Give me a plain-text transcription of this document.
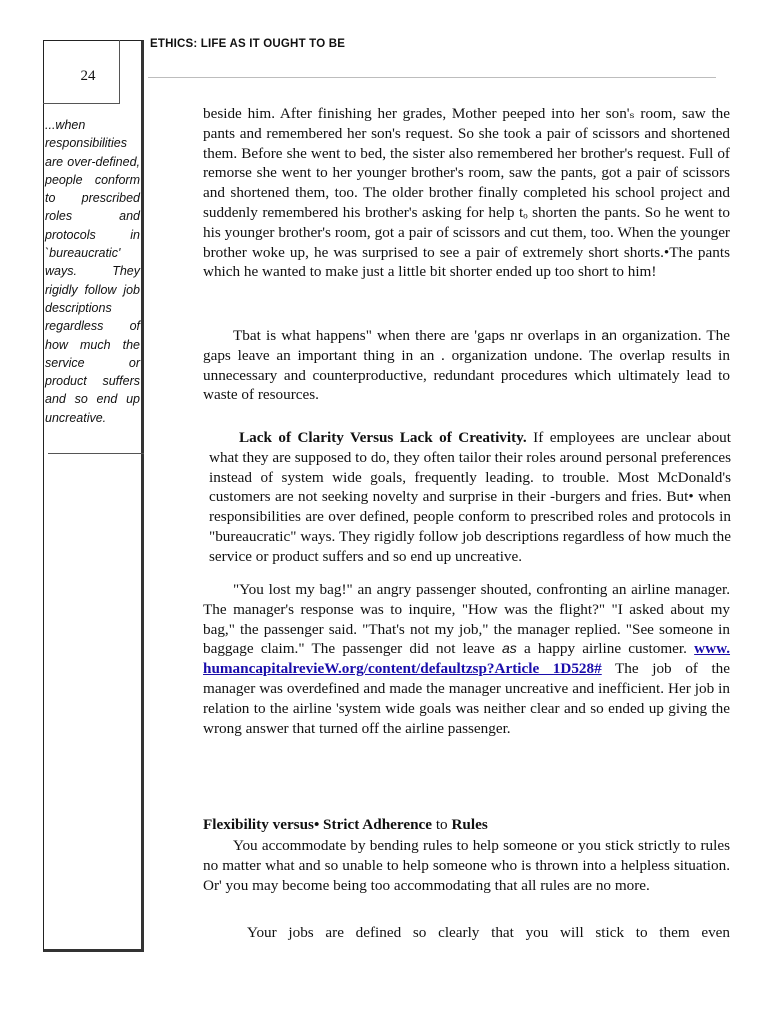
24
...when responsibilities are over-defined, people conform to prescribed roles and protocols in `bureaucratic' ways. They rigidly follow job descriptions regardless of how much the service or product suffers and so end up uncreative.
ETHICS: LIFE AS IT OUGHT TO BE

beside him. After finishing her grades, Mother peeped into her son'ₛ room, saw the pants and remembered her son's request. So she took a pair of scissors and shortened them. Before she went to bed, the sister also remembered her brother's request. Full of remorse she went to her younger brother's room, saw the pants, got a pair of scissors and shortened them, too. The older brother finally completed his school project and suddenly remembered his brother's asking for help tₒ shorten the pants. So he went to his younger brother's room, got a pair of scissors and cut them, too. When the younger brother woke up, he was surprised to see a pair of extremely short shorts.•The pants which he wanted to make just a little bit shorter ended up too short to him!

Tbat is what happens" when there are 'gaps nr overlaps in an organization. The gaps leave an important thing in an . organization undone. The overlap results in unnecessary and counterproductive, redundant procedures which ultimately lead to waste of resources.

Lack of Clarity Versus Lack of Creativity. If employees are unclear about what they are supposed to do, they often tailor their roles around personal preferences instead of system wide goals, frequently leading. to trouble. Most McDonald's customers are not seeking novelty and surprise in their -burgers and fries. But• when responsibilities are over defined, people conform to prescribed roles and protocols in "bureaucratic" ways. They rigidly follow job descriptions regardless of how much the service or product suffers and so end up uncreative.

"You lost my bag!" an angry passenger shouted, confronting an airline manager. The manager's response was to inquire, "How was the flight?" "I asked about my bag," the passenger said. "That's not my job," the manager replied. "See someone in baggage claim." The passenger did not leave as a happy airline customer. www. humancapitalrevieW.org/content/defaultzsp?Article 1D528# The job of the manager was overdefined and made the manager uncreative and inefficient. Her job in relation to the airline 'system wide goals was neither clear and so ended up giving the wrong answer that turned off the airline passenger.

Flexibility versus• Strict Adherence to Rules

You accommodate by bending rules to help someone or you stick strictly to rules no matter what and so unable to help someone who is thrown into a helpless situation. Or' you may become being too accommodating that all rules are no more.

Your jobs are defined so clearly that you will stick to them even
